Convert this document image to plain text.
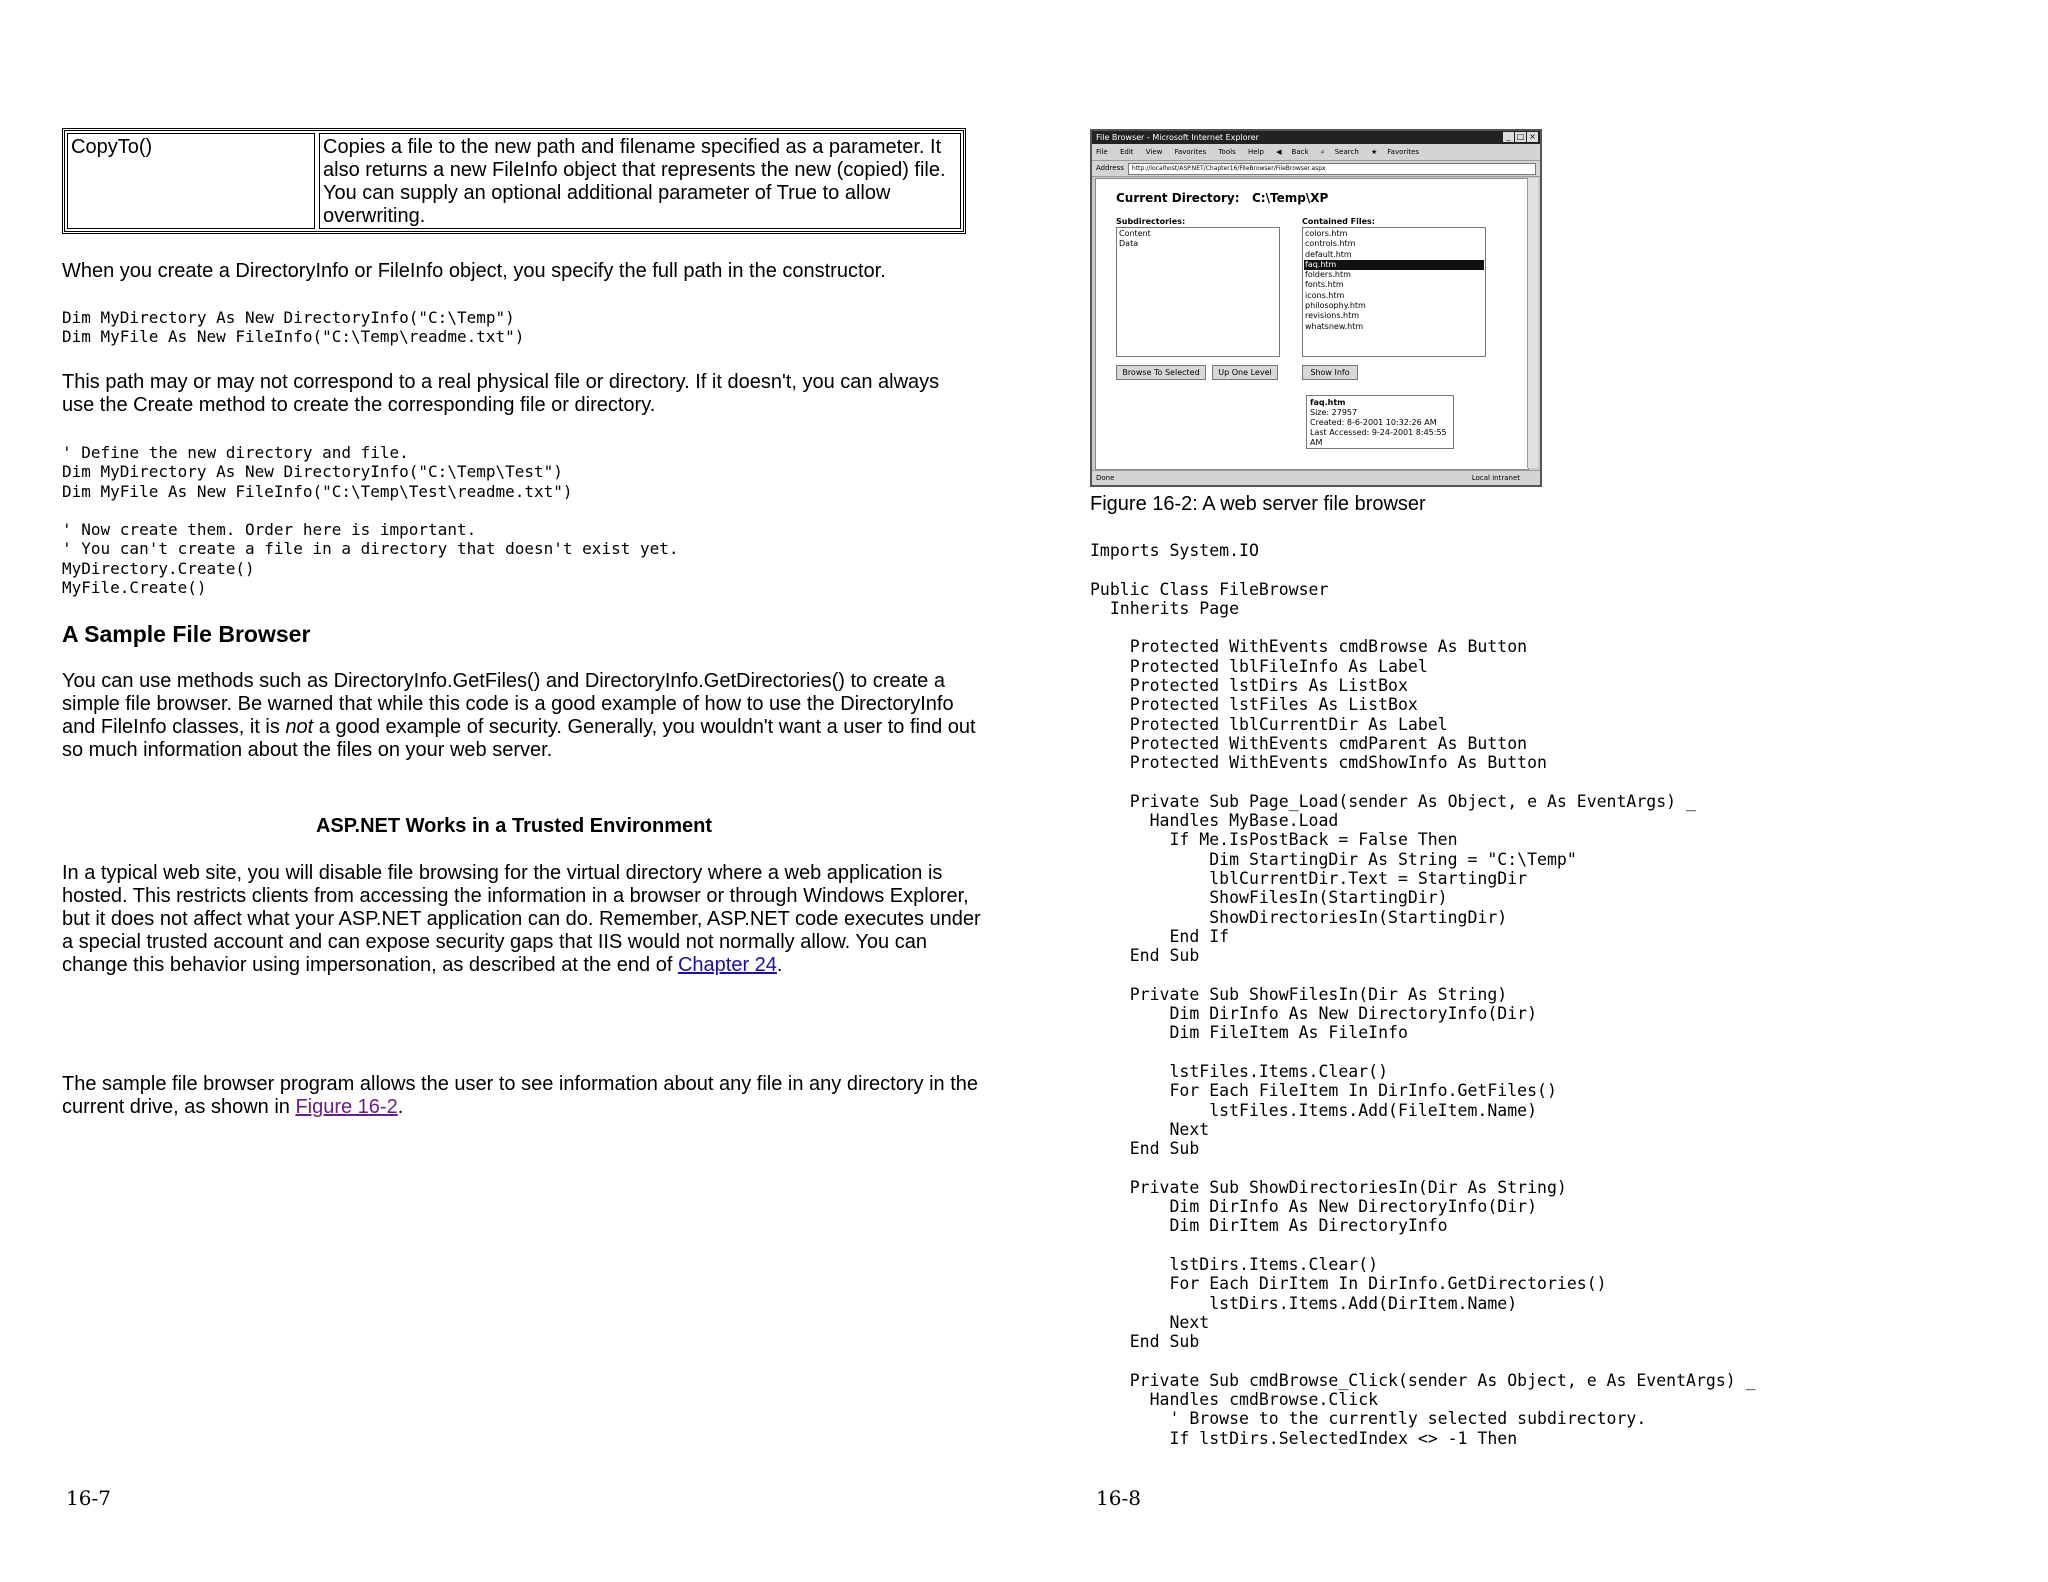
CopyTo()	Copies a file to the new path and filename specified as a parameter. It also returns a new FileInfo object that represents the new (copied) file. You can supply an optional additional parameter of True to allow overwriting.

When you create a DirectoryInfo or FileInfo object, you specify the full path in the constructor.

Dim MyDirectory As New DirectoryInfo("C:\Temp")
Dim MyFile As New FileInfo("C:\Temp\readme.txt")

This path may or may not correspond to a real physical file or directory. If it doesn't, you can always use the Create method to create the corresponding file or directory.

' Define the new directory and file.
Dim MyDirectory As New DirectoryInfo("C:\Temp\Test")
Dim MyFile As New FileInfo("C:\Temp\Test\readme.txt")

' Now create them. Order here is important.
' You can't create a file in a directory that doesn't exist yet.
MyDirectory.Create()
MyFile.Create()
A Sample File Browser

You can use methods such as DirectoryInfo.GetFiles() and DirectoryInfo.GetDirectories() to create a simple file browser. Be warned that while this code is a good example of how to use the DirectoryInfo and FileInfo classes, it is not a good example of security. Generally, you wouldn't want a user to find out so much information about the files on your web server.

ASP.NET Works in a Trusted Environment

In a typical web site, you will disable file browsing for the virtual directory where a web application is hosted. This restricts clients from accessing the information in a browser or through Windows Explorer, but it does not affect what your ASP.NET application can do. Remember, ASP.NET code executes under a special trusted account and can expose security gaps that IIS would not normally allow. You can change this behavior using impersonation, as described at the end of Chapter 24.

The sample file browser program allows the user to see information about any file in any directory in the current drive, as shown in Figure 16-2.

16-7
File Browser - Microsoft Internet Explorer	_ □ ×
File Edit View Favorites Tools Help ◀ Back ⌕ Search ★ Favorites
Address	http://localhost/ASP.NET/Chapter16/FileBrowser/FileBrowser.aspx
Current Directory: C:\Temp\XP
Subdirectories:
Content
Data
Contained Files:
colors.htm
controls.htm
default.htm
faq.htm
folders.htm
fonts.htm
icons.htm
philosophy.htm
revisions.htm
whatsnew.htm
Browse To Selected	Up One Level	Show Info
faq.htm
Size: 27957
Created: 8-6-2001 10:32:26 AM
Last Accessed: 9-24-2001 8:45:55 AM
Done	Local intranet
Figure 16-2: A web server file browser
Imports System.IO

Public Class FileBrowser
Inherits Page

Protected WithEvents cmdBrowse As Button
Protected lblFileInfo As Label
Protected lstDirs As ListBox
Protected lstFiles As ListBox
Protected lblCurrentDir As Label
Protected WithEvents cmdParent As Button
Protected WithEvents cmdShowInfo As Button

Private Sub Page_Load(sender As Object, e As EventArgs) _
Handles MyBase.Load
If Me.IsPostBack = False Then
Dim StartingDir As String = "C:\Temp"
lblCurrentDir.Text = StartingDir
ShowFilesIn(StartingDir)
ShowDirectoriesIn(StartingDir)
End If
End Sub

Private Sub ShowFilesIn(Dir As String)
Dim DirInfo As New DirectoryInfo(Dir)
Dim FileItem As FileInfo

lstFiles.Items.Clear()
For Each FileItem In DirInfo.GetFiles()
lstFiles.Items.Add(FileItem.Name)
Next
End Sub

Private Sub ShowDirectoriesIn(Dir As String)
Dim DirInfo As New DirectoryInfo(Dir)
Dim DirItem As DirectoryInfo

lstDirs.Items.Clear()
For Each DirItem In DirInfo.GetDirectories()
lstDirs.Items.Add(DirItem.Name)
Next
End Sub

Private Sub cmdBrowse_Click(sender As Object, e As EventArgs) _
Handles cmdBrowse.Click
' Browse to the currently selected subdirectory.
If lstDirs.SelectedIndex <> -1 Then
16-8
